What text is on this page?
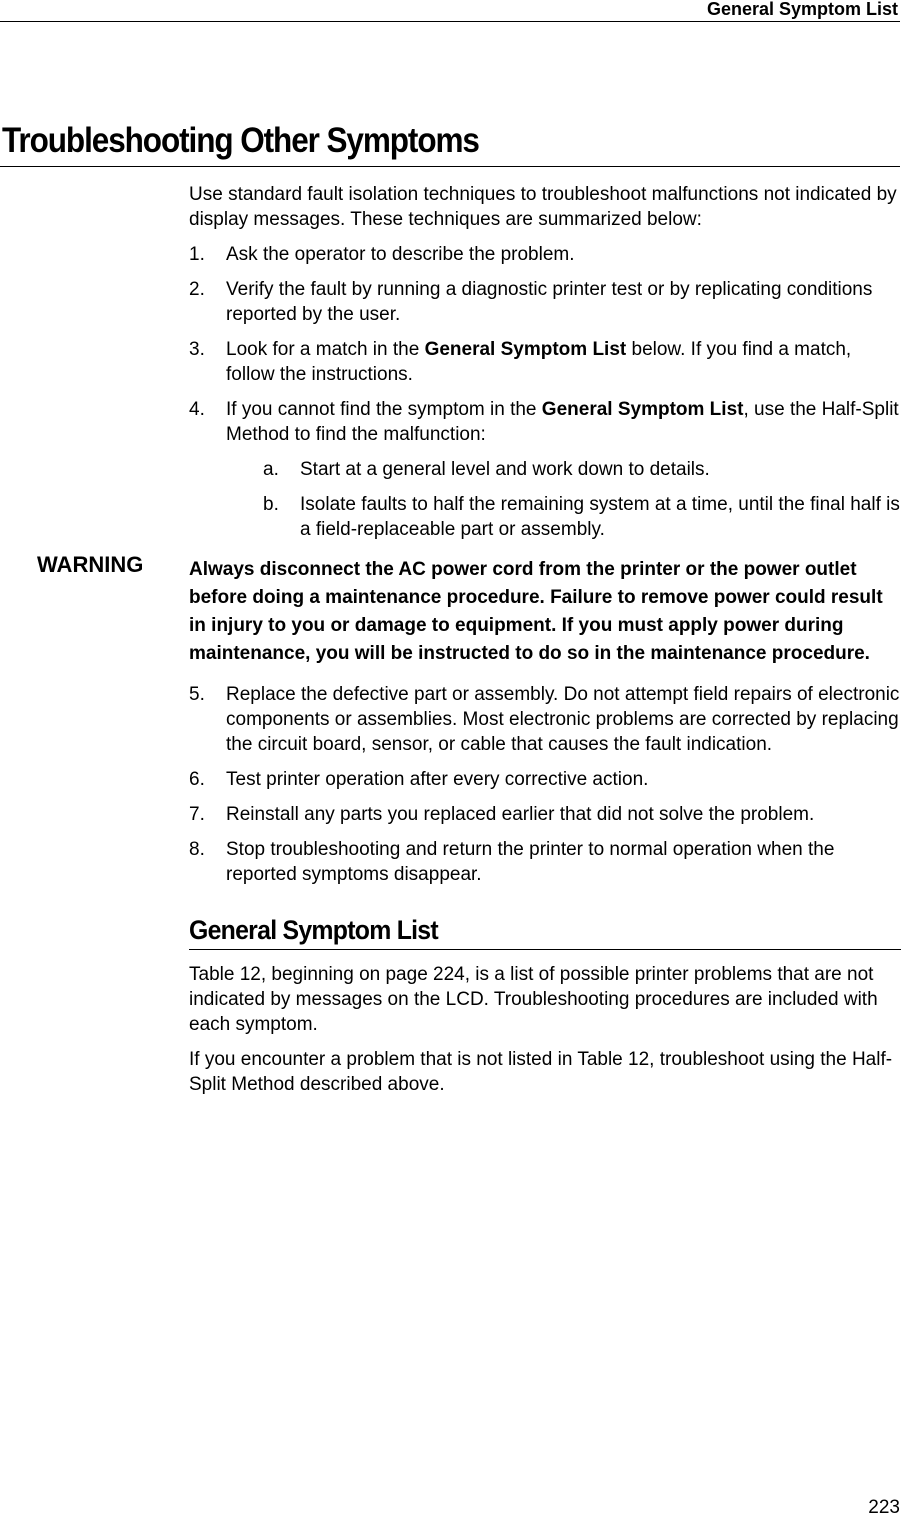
General Symptom List
Troubleshooting Other Symptoms

Use standard fault isolation techniques to troubleshoot malfunctions not indicated by display messages. These techniques are summarized below:

1. Ask the operator to describe the problem.
2. Verify the fault by running a diagnostic printer test or by replicating conditions reported by the user.
3. Look for a match in the General Symptom List below. If you find a match, follow the instructions.
4. If you cannot find the symptom in the General Symptom List, use the Half-Split Method to find the malfunction:
a. Start at a general level and work down to details.
b. Isolate faults to half the remaining system at a time, until the final half is a field-replaceable part or assembly.
WARNING Always disconnect the AC power cord from the printer or the power outlet before doing a maintenance procedure. Failure to remove power could result in injury to you or damage to equipment. If you must apply power during maintenance, you will be instructed to do so in the maintenance procedure.
5. Replace the defective part or assembly. Do not attempt field repairs of electronic components or assemblies. Most electronic problems are corrected by replacing the circuit board, sensor, or cable that causes the fault indication.
6. Test printer operation after every corrective action.
7. Reinstall any parts you replaced earlier that did not solve the problem.
8. Stop troubleshooting and return the printer to normal operation when the reported symptoms disappear.
General Symptom List

Table 12, beginning on page 224, is a list of possible printer problems that are not indicated by messages on the LCD. Troubleshooting procedures are included with each symptom.

If you encounter a problem that is not listed in Table 12, troubleshoot using the Half-Split Method described above.

223
